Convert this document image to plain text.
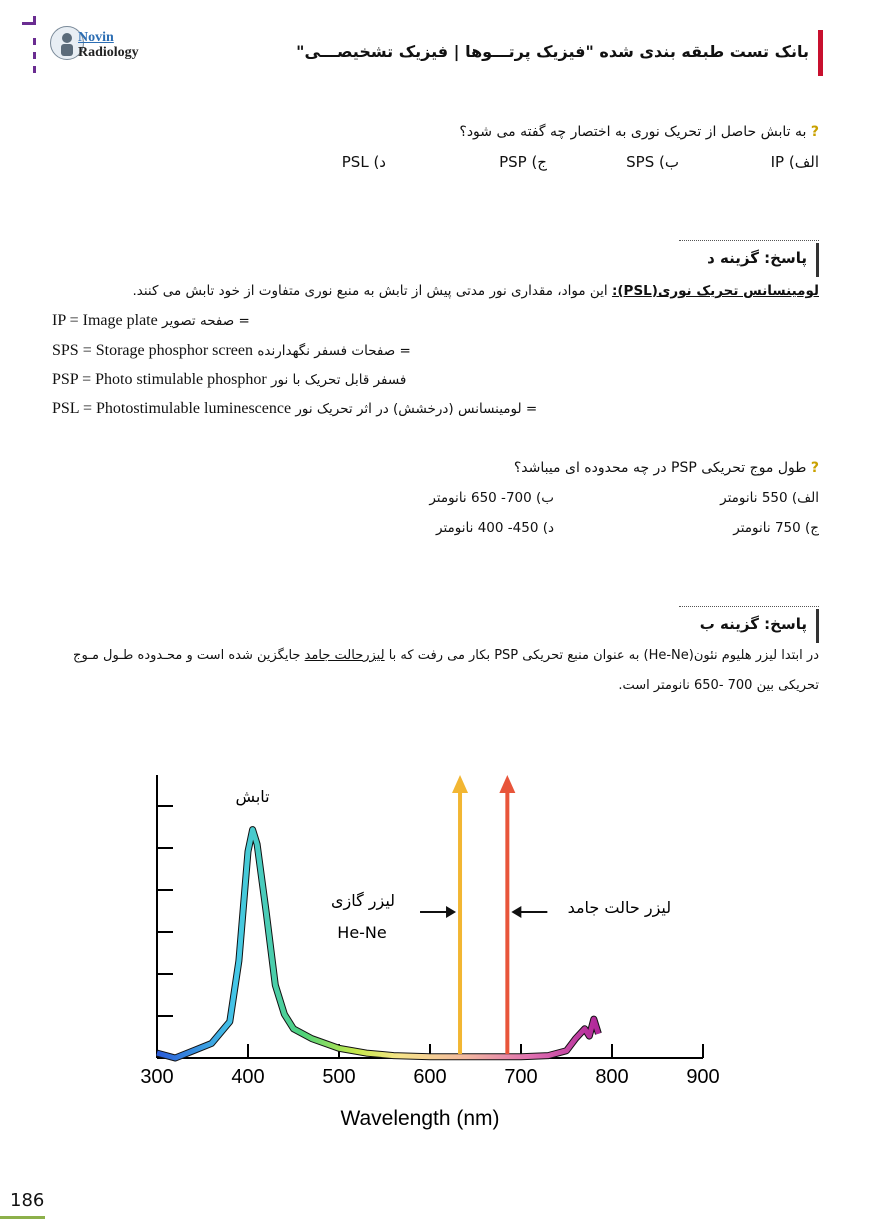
Novin
Radiology	بانک تست طبقه بندی شده "فیزیک پرتـــوها | فیزیک تشخیصـــی"
? به تابش حاصل از تحریک نوری به اختصار چه گفته می شود؟
الف) IP
ب) SPS
ج) PSP
د) PSL
پاسخ: گزینه د
لومینسانس تحریک نوری(PSL): این مواد، مقداری نور مدتی پیش از تابش به منبع نوری متفاوت از خود تابش می کنند.
IP = Image plate = صفحه تصویر
SPS = Storage phosphor screen = صفحات فسفر نگهدارنده
PSP = Photo stimulable phosphor فسفر قابل تحریک با نور
PSL = Photostimulable luminescence = لومینسانس (درخشش) در اثر تحریک نور
? طول موج تحریکی PSP در چه محدوده ای میباشد؟
الف) 550 نانومتر
ب) 700- 650 نانومتر
ج) 750 نانومتر
د) 450- 400 نانومتر
پاسخ: گزینه ب
در ابتدا لیزر هلیوم نئون(He-Ne) به عنوان منبع تحریکی PSP بکار می رفت که با لیزرحالت جامد جایگزین شده است و محـدوده طـول مـوج
تحریکی بین 700 -650 نانومتر است.
300	400	500	600	700	800	900
Wavelength (nm)
تابش
لیزر گازی
He-Ne
لیزر حالت جامد
186
